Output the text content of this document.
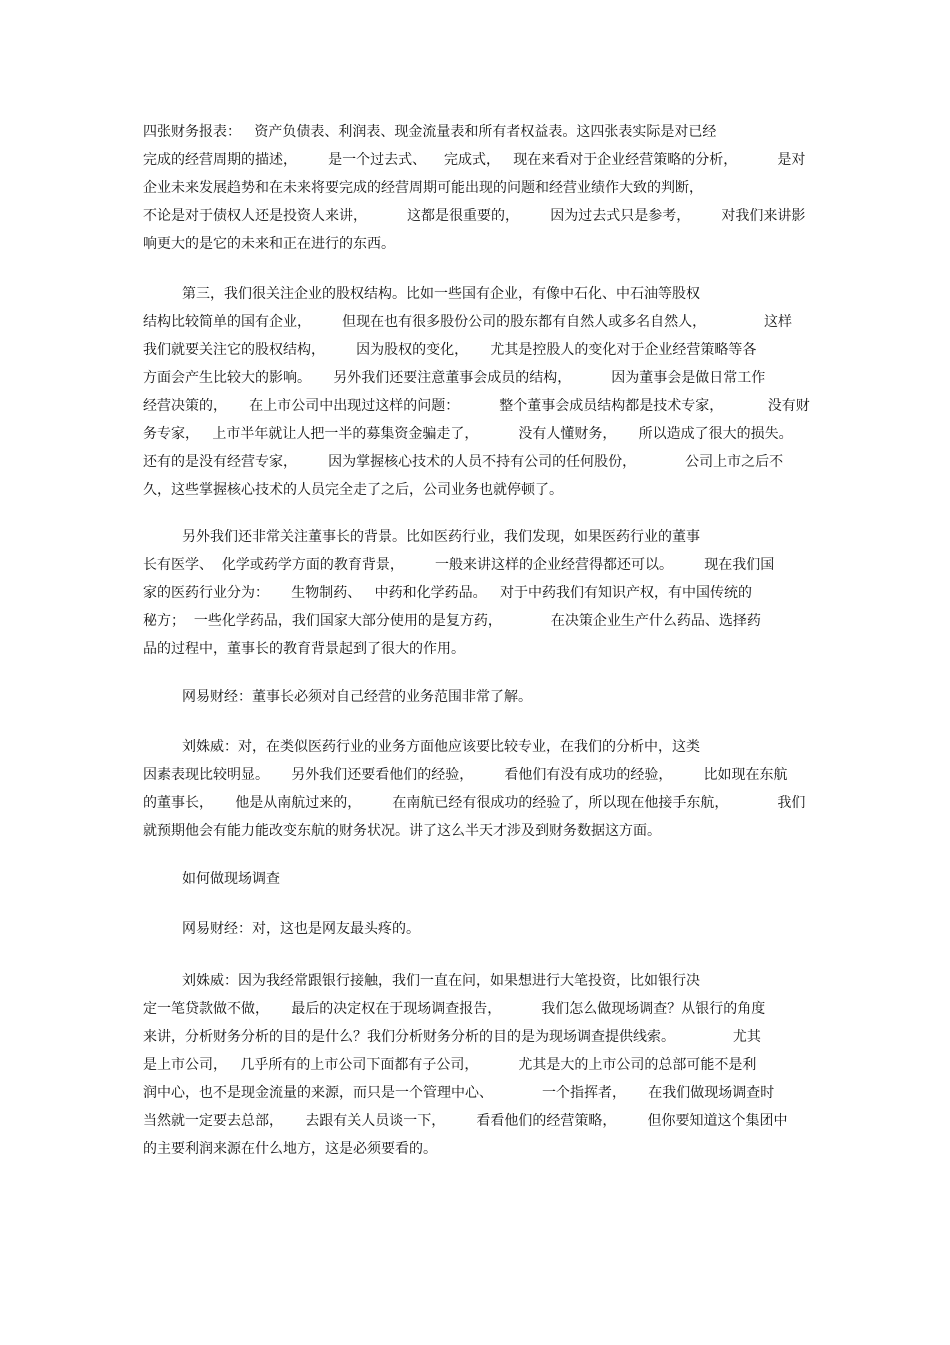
四张财务报表：   资产负债表、利润表、现金流量表和所有者权益表。这四张表实际是对已经
完成的经营周期的描述，       是一个过去式、    完成式，   现在来看对于企业经营策略的分析，         是对
企业未来发展趋势和在未来将要完成的经营周期可能出现的问题和经营业绩作大致的判断，
不论是对于债权人还是投资人来讲，         这都是很重要的，       因为过去式只是参考，       对我们来讲影
响更大的是它的未来和正在进行的东西。
第三，我们很关注企业的股权结构。比如一些国有企业，有像中石化、中石油等股权
结构比较简单的国有企业，       但现在也有很多股份公司的股东都有自然人或多名自然人，             这样
我们就要关注它的股权结构，       因为股权的变化，     尤其是控股人的变化对于企业经营策略等各
方面会产生比较大的影响。     另外我们还要注意董事会成员的结构，         因为董事会是做日常工作
经营决策的，     在上市公司中出现过这样的问题：         整个董事会成员结构都是技术专家，          没有财
务专家，   上市半年就让人把一半的募集资金骗走了，         没有人懂财务，     所以造成了很大的损失。
还有的是没有经营专家，       因为掌握核心技术的人员不持有公司的任何股份，           公司上市之后不
久，这些掌握核心技术的人员完全走了之后，公司业务也就停顿了。
另外我们还非常关注董事长的背景。比如医药行业，我们发现，如果医药行业的董事
长有医学、  化学或药学方面的教育背景，       一般来讲这样的企业经营得都还可以。       现在我们国
家的医药行业分为：     生物制药、   中药和化学药品。   对于中药我们有知识产权，有中国传统的
秘方；  一些化学药品，我们国家大部分使用的是复方药，           在决策企业生产什么药品、选择药
品的过程中，董事长的教育背景起到了很大的作用。
网易财经：董事长必须对自己经营的业务范围非常了解。
刘姝威：对，在类似医药行业的业务方面他应该要比较专业，在我们的分析中，这类
因素表现比较明显。     另外我们还要看他们的经验，       看他们有没有成功的经验，       比如现在东航
的董事长，     他是从南航过来的，       在南航已经有很成功的经验了，所以现在他接手东航，           我们
就预期他会有能力能改变东航的财务状况。讲了这么半天才涉及到财务数据这方面。
如何做现场调查
网易财经：对，这也是网友最头疼的。
刘姝威：因为我经常跟银行接触，我们一直在问，如果想进行大笔投资，比如银行决
定一笔贷款做不做，     最后的决定权在于现场调查报告，         我们怎么做现场调查？从银行的角度
来讲，分析财务分析的目的是什么？我们分析财务分析的目的是为现场调查提供线索。             尤其
是上市公司，   几乎所有的上市公司下面都有子公司，         尤其是大的上市公司的总部可能不是利
润中心，也不是现金流量的来源，而只是一个管理中心、           一个指挥者，     在我们做现场调查时
当然就一定要去总部，     去跟有关人员谈一下，       看看他们的经营策略，       但你要知道这个集团中
的主要利润来源在什么地方，这是必须要看的。
